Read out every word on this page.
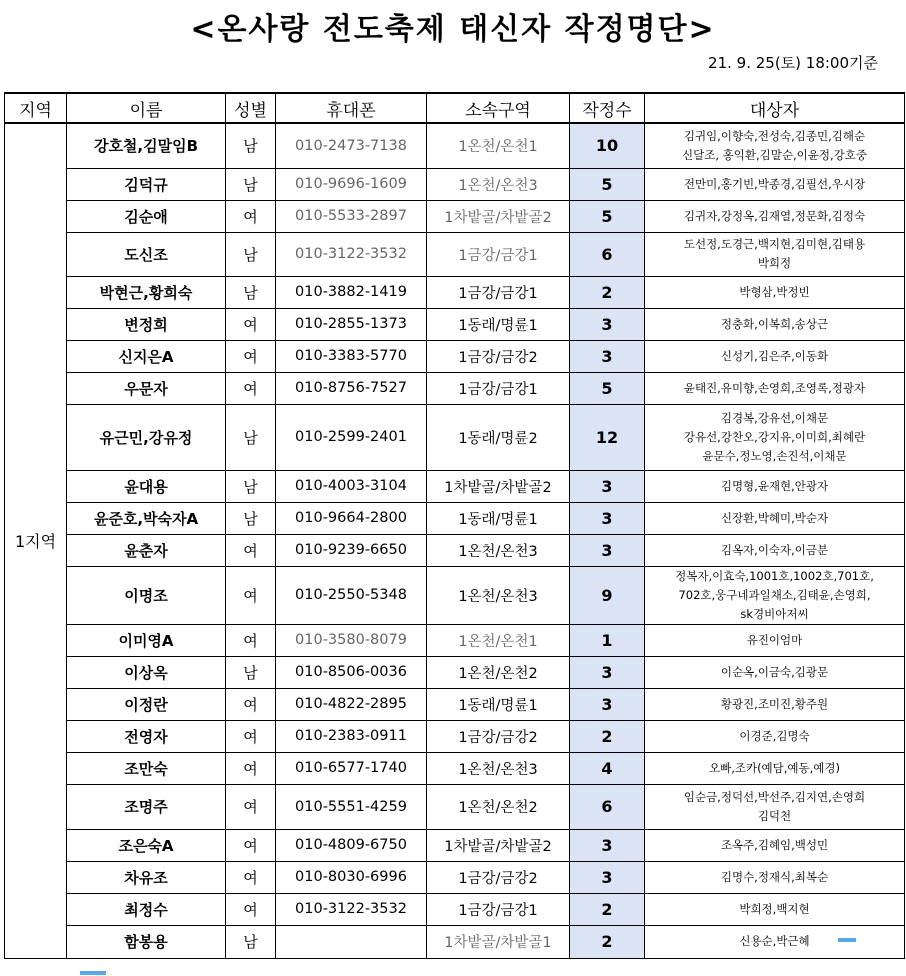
<온사랑 전도축제 태신자 작정명단>
21. 9. 25(토) 18:00기준
지역	이름	성별	휴대폰	소속구역	작정수	대상자
1지역	강호철,김말임B	남	010-2473-7138	1온천/온천1	10	김귀임,이향숙,전성숙,김종민,김해순
신달조, 홍익환,김말순,이윤정,강호중

	김덕규	남	010-9696-1609	1온천/온천3	5	전만미,홍기빈,박종경,김필선,우시장

	김순애	여	010-5533-2897	1차밭골/차밭골2	5	김귀자,강정옥,김재열,정문화,김정숙

	도신조	남	010-3122-3532	1금강/금강1	6	도선정,도경근,백지현,김미현,김태용
박희정

	박현근,황희숙	남	010-3882-1419	1금강/금강1	2	박형삼,박정빈

	변정희	여	010-2855-1373	1동래/명륜1	3	정충화,이복희,송상근

	신지은A	여	010-3383-5770	1금강/금강2	3	신성기,김은주,이동화

	우문자	여	010-8756-7527	1금강/금강1	5	윤태진,유미향,손영희,조영록,정광자

	유근민,강유정	남	010-2599-2401	1동래/명륜2	12	김경복,강유선,이채문
강유선,강찬오,강지유,이미희,최혜란
윤문수,정노영,손진석,이채문

	윤대용	남	010-4003-3104	1차밭골/차밭골2	3	김명형,윤재현,안광자

	윤준호,박숙자A	남	010-9664-2800	1동래/명륜1	3	신장환,박혜미,박순자

	윤춘자	여	010-9239-6650	1온천/온천3	3	김옥자,이숙자,이금분

	이명조	여	010-2550-5348	1온천/온천3	9	정복자,이효숙,1001호,1002호,701호,
702호,웅구네과일채소,김태윤,손영희,
sk경비아저씨

	이미영A	여	010-3580-8079	1온천/온천1	1	유진이엄마

	이상옥	남	010-8506-0036	1온천/온천2	3	이순옥,이금숙,김광문

	이정란	여	010-4822-2895	1동래/명륜1	3	황광진,조미진,황주원

	전영자	여	010-2383-0911	1금강/금강2	2	이경준,김명숙

	조만숙	여	010-6577-1740	1온천/온천3	4	오빠,조카(예담,예동,예경)

	조명주	여	010-5551-4259	1온천/온천2	6	임순금,정덕선,박선주,김지연,손영희
김덕천

	조은숙A	여	010-4809-6750	1차밭골/차밭골2	3	조옥주,김혜임,백성민

	차유조	여	010-8030-6996	1금강/금강2	3	김명수,정재식,최복순

	최정수	여	010-3122-3532	1금강/금강1	2	박희정,백지현

	함봉용	남		1차밭골/차밭골1	2	신용순,박근혜
